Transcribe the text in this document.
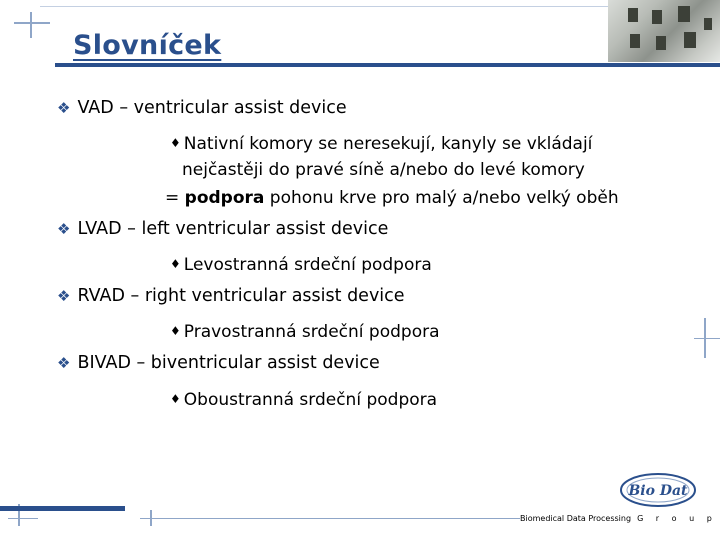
Slovníček
❖ VAD – ventricular assist device
♦ Nativní komory se neresekují, kanyly se vkládají
nejčastěji do pravé síně a/nebo do levé komory
= podpora pohonu krve pro malý a/nebo velký oběh
❖ LVAD – left ventricular assist device
♦ Levostranná srdeční podpora
❖ RVAD – right ventricular assist device
♦ Pravostranná srdeční podpora
❖ BIVAD – biventricular assist device
♦ Oboustranná srdeční podpora
Bio Dat
Biomedical Data Processing G r o u p
